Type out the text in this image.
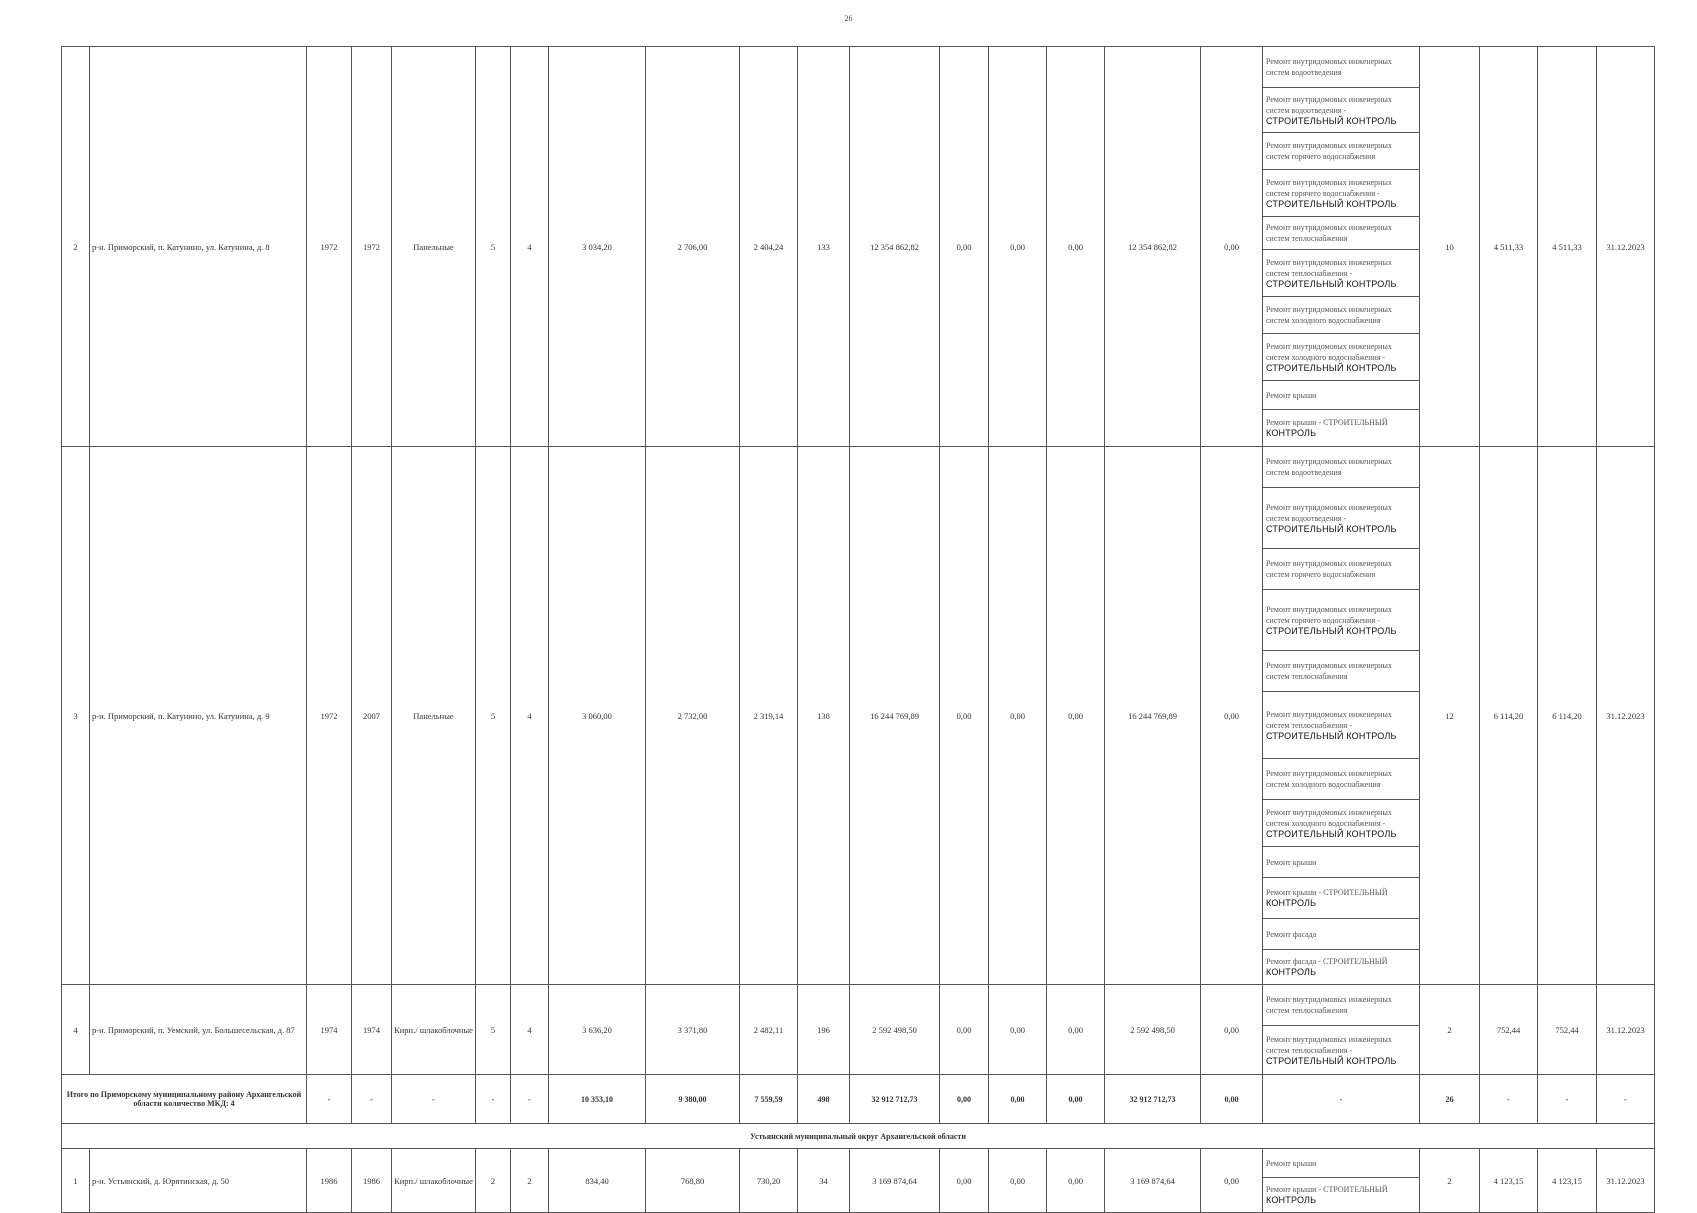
26
2	р-н. Приморский, п. Катунино, ул. Катунина, д. 8	1972	1972	Панельные	5	4	3 034,20	2 706,00	2 404,24	133	12 354 862,82	0,00	0,00	0,00	12 354 862,82	0,00	Ремонт внутридомовых инженерных систем водоотведения	10	4 511,33	4 511,33	31.12.2023
																	Ремонт внутридомовых инженерных систем водоотведения -
СТРОИТЕЛЬНЫЙ КОНТРОЛЬ				
																	Ремонт внутридомовых инженерных систем горячего водоснабжения				
																	Ремонт внутридомовых инженерных систем горячего водоснабжения -
СТРОИТЕЛЬНЫЙ КОНТРОЛЬ				
																	Ремонт внутридомовых инженерных систем теплоснабжения				
																	Ремонт внутридомовых инженерных систем теплоснабжения -
СТРОИТЕЛЬНЫЙ КОНТРОЛЬ				
																	Ремонт внутридомовых инженерных систем холодного водоснабжения				
																	Ремонт внутридомовых инженерных систем холодного водоснабжения -
СТРОИТЕЛЬНЫЙ КОНТРОЛЬ				
																	Ремонт крыши				
																	Ремонт крыши - СТРОИТЕЛЬНЫЙ
КОНТРОЛЬ				
3	р-н. Приморский, п. Катунино, ул. Катунина, д. 9	1972	2007	Панельные	5	4	3 060,00	2 732,00	2 319,14	138	16 244 769,89	0,00	0,00	0,00	16 244 769,89	0,00	Ремонт внутридомовых инженерных систем водоотведения	12	6 114,20	6 114,20	31.12.2023
																	Ремонт внутридомовых инженерных систем водоотведения -
СТРОИТЕЛЬНЫЙ КОНТРОЛЬ				
																	Ремонт внутридомовых инженерных систем горячего водоснабжения				
																	Ремонт внутридомовых инженерных систем горячего водоснабжения -
СТРОИТЕЛЬНЫЙ КОНТРОЛЬ				
																	Ремонт внутридомовых инженерных систем теплоснабжения				
																	Ремонт внутридомовых инженерных систем теплоснабжения -
СТРОИТЕЛЬНЫЙ КОНТРОЛЬ				
																	Ремонт внутридомовых инженерных систем холодного водоснабжения				
																	Ремонт внутридомовых инженерных систем холодного водоснабжения -
СТРОИТЕЛЬНЫЙ КОНТРОЛЬ				
																	Ремонт крыши				
																	Ремонт крыши - СТРОИТЕЛЬНЫЙ
КОНТРОЛЬ				
																	Ремонт фасада				
																	Ремонт фасада - СТРОИТЕЛЬНЫЙ
КОНТРОЛЬ				
4	р-н. Приморский, п. Уемский, ул. Большесельская, д. 87	1974	1974	Кирп./ шлакоблочные	5	4	3 636,20	3 371,80	2 482,11	196	2 592 498,50	0,00	0,00	0,00	2 592 498,50	0,00	Ремонт внутридомовых инженерных систем теплоснабжения	2	752,44	752,44	31.12.2023
																	Ремонт внутридомовых инженерных систем теплоснабжения -
СТРОИТЕЛЬНЫЙ КОНТРОЛЬ				
Итого по Приморскому муниципальному району Архангельской области количество МКД: 4		-	-	-	-	-	10 353,10	9 380,00	7 559,59	498	32 912 712,73	0,00	0,00	0,00	32 912 712,73	0,00	-	26	-	-	-
Устьянский муниципальный округ Архангельской области																					
1	р-н. Устьянский, д. Юрятинская, д. 50	1986	1986	Кирп./ шлакоблочные	2	2	834,40	768,80	730,20	34	3 169 874,64	0,00	0,00	0,00	3 169 874,64	0,00	Ремонт крыши	2	4 123,15	4 123,15	31.12.2023
																	Ремонт крыши - СТРОИТЕЛЬНЫЙ
КОНТРОЛЬ				
